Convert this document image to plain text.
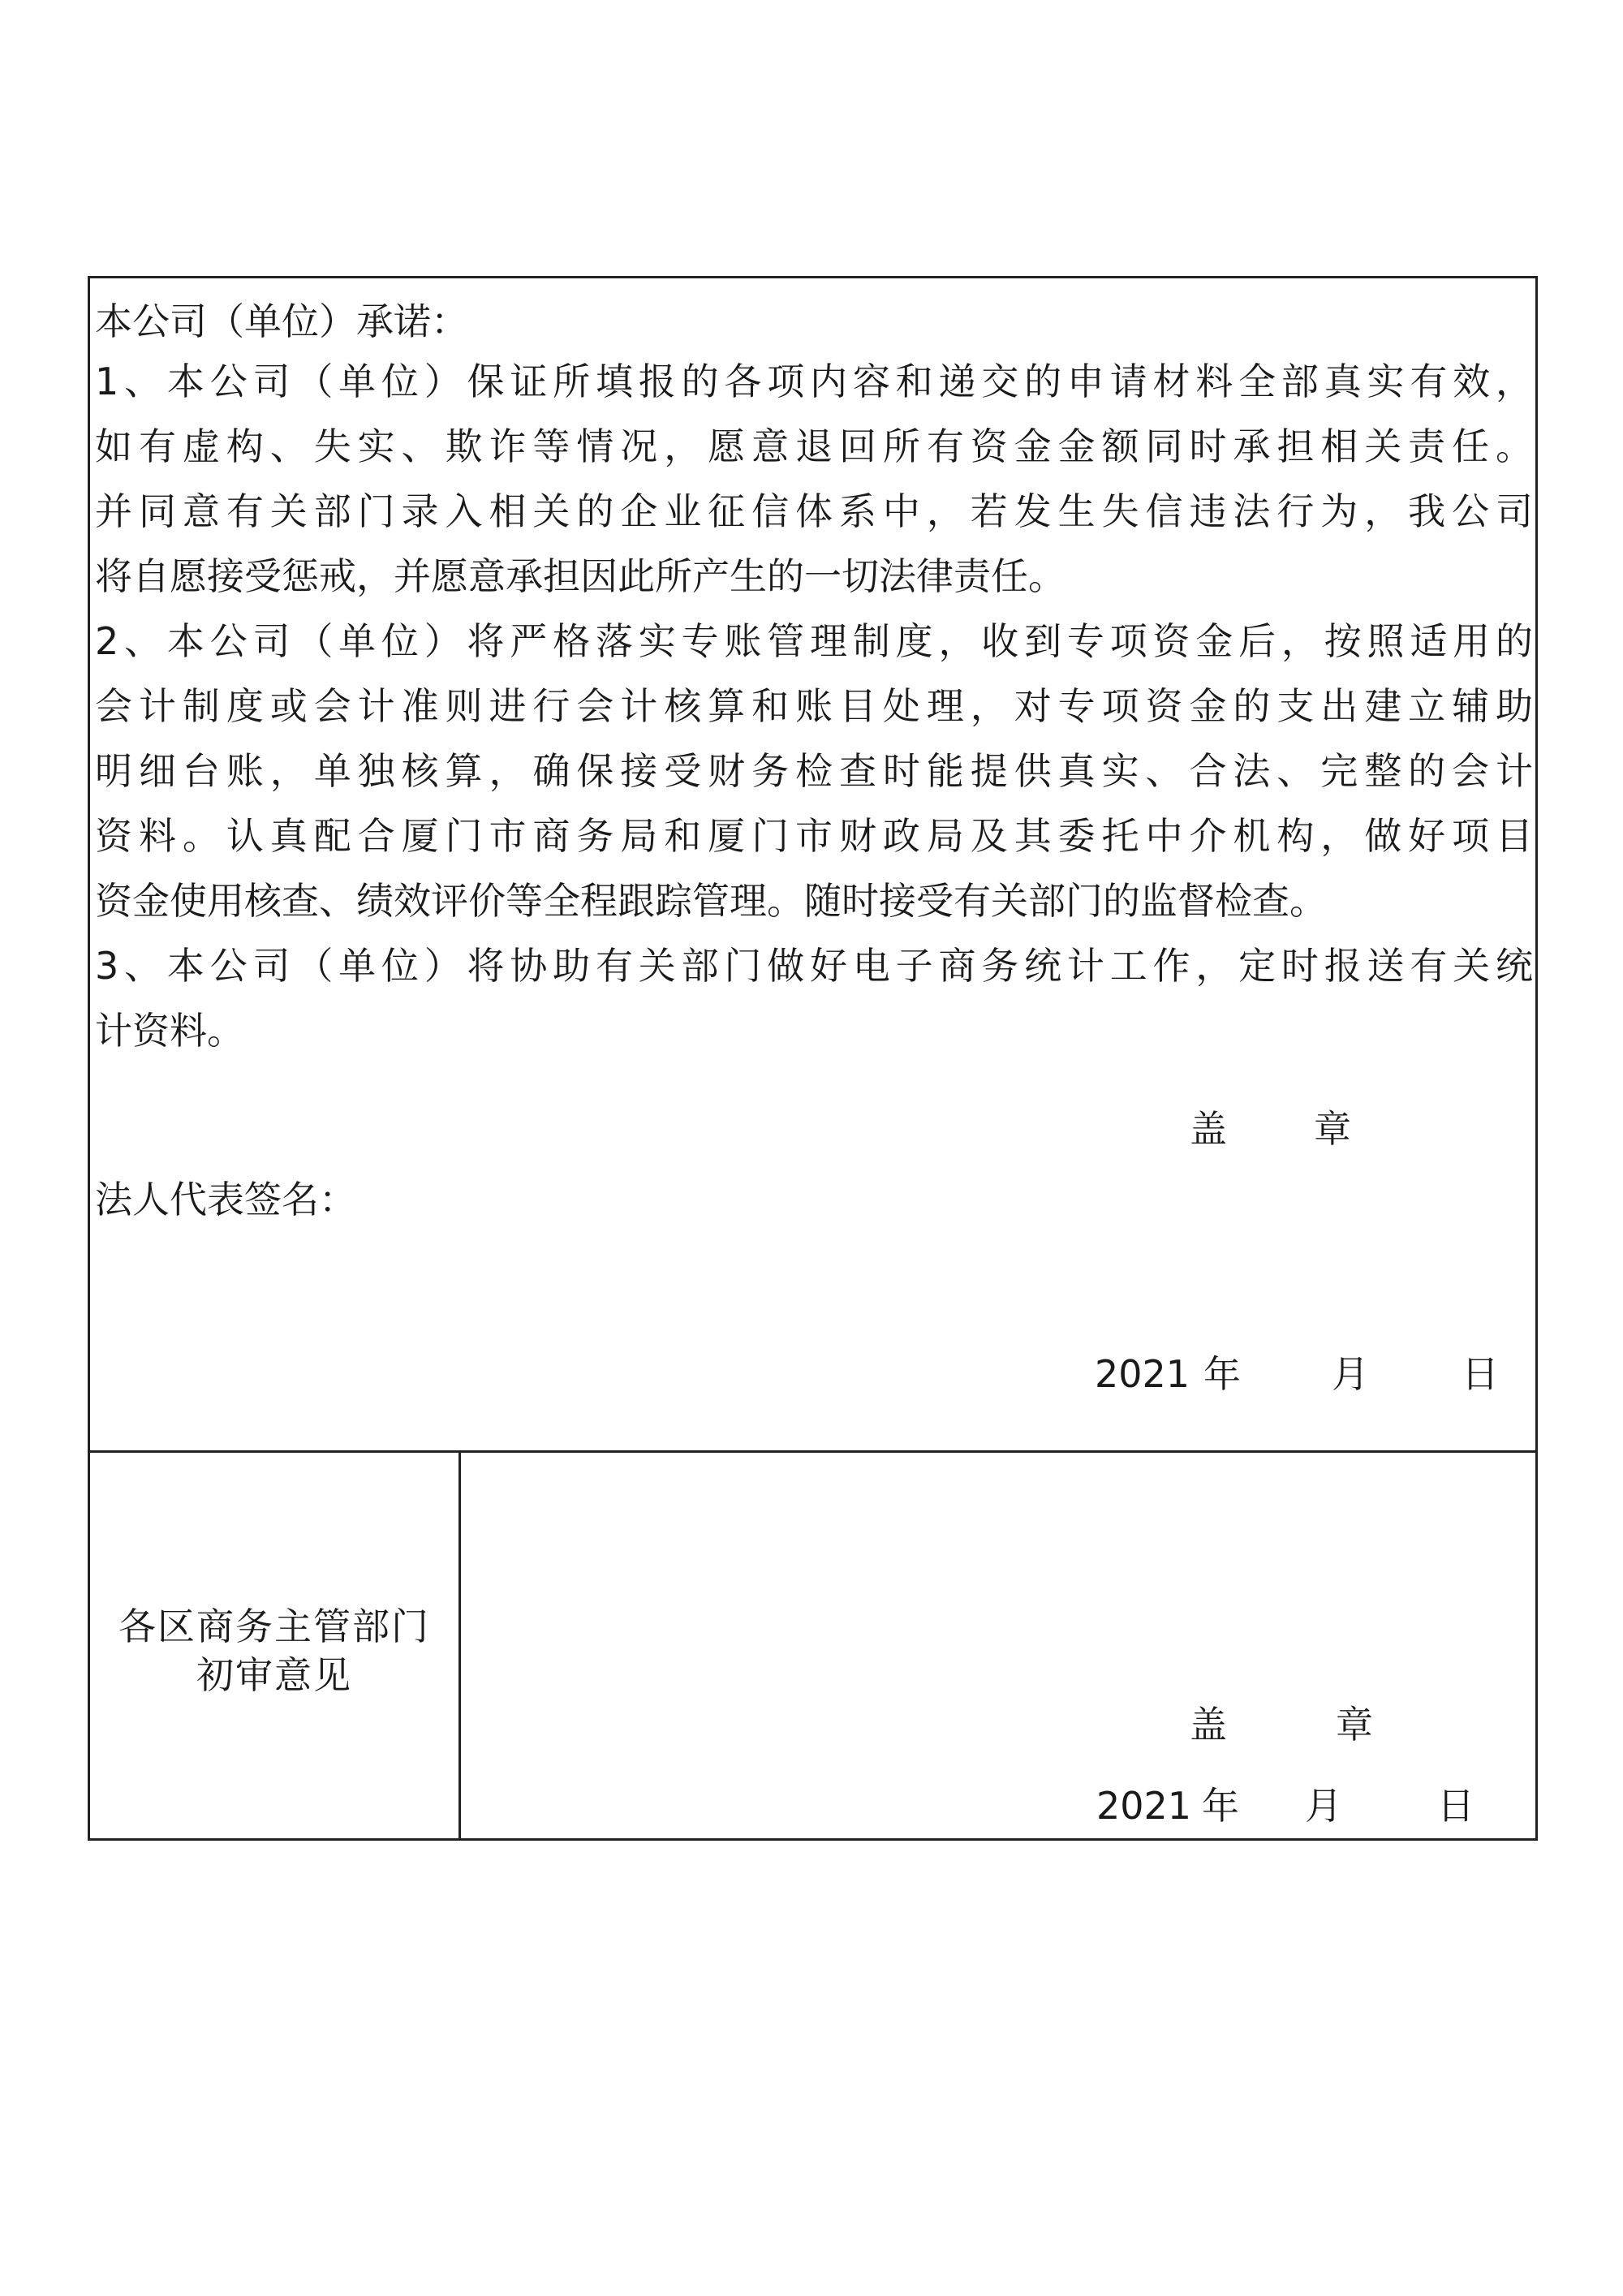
本公司（单位）承诺：
1、本公司（单位）保证所填报的各项内容和递交的申请材料全部真实有效，
如有虚构、失实、欺诈等情况，愿意退回所有资金金额同时承担相关责任。
并同意有关部门录入相关的企业征信体系中，若发生失信违法行为，我公司
将自愿接受惩戒，并愿意承担因此所产生的一切法律责任。
2、本公司（单位）将严格落实专账管理制度，收到专项资金后，按照适用的
会计制度或会计准则进行会计核算和账目处理，对专项资金的支出建立辅助
明细台账，单独核算，确保接受财务检查时能提供真实、合法、完整的会计
资料。认真配合厦门市商务局和厦门市财政局及其委托中介机构，做好项目
资金使用核查、绩效评价等全程跟踪管理。随时接受有关部门的监督检查。
3、本公司（单位）将协助有关部门做好电子商务统计工作，定时报送有关统
计资料。
盖 章
法人代表签名：
2021 年 月 日
各区商务主管部门
初审意见
盖	章
2021 年 月	日
